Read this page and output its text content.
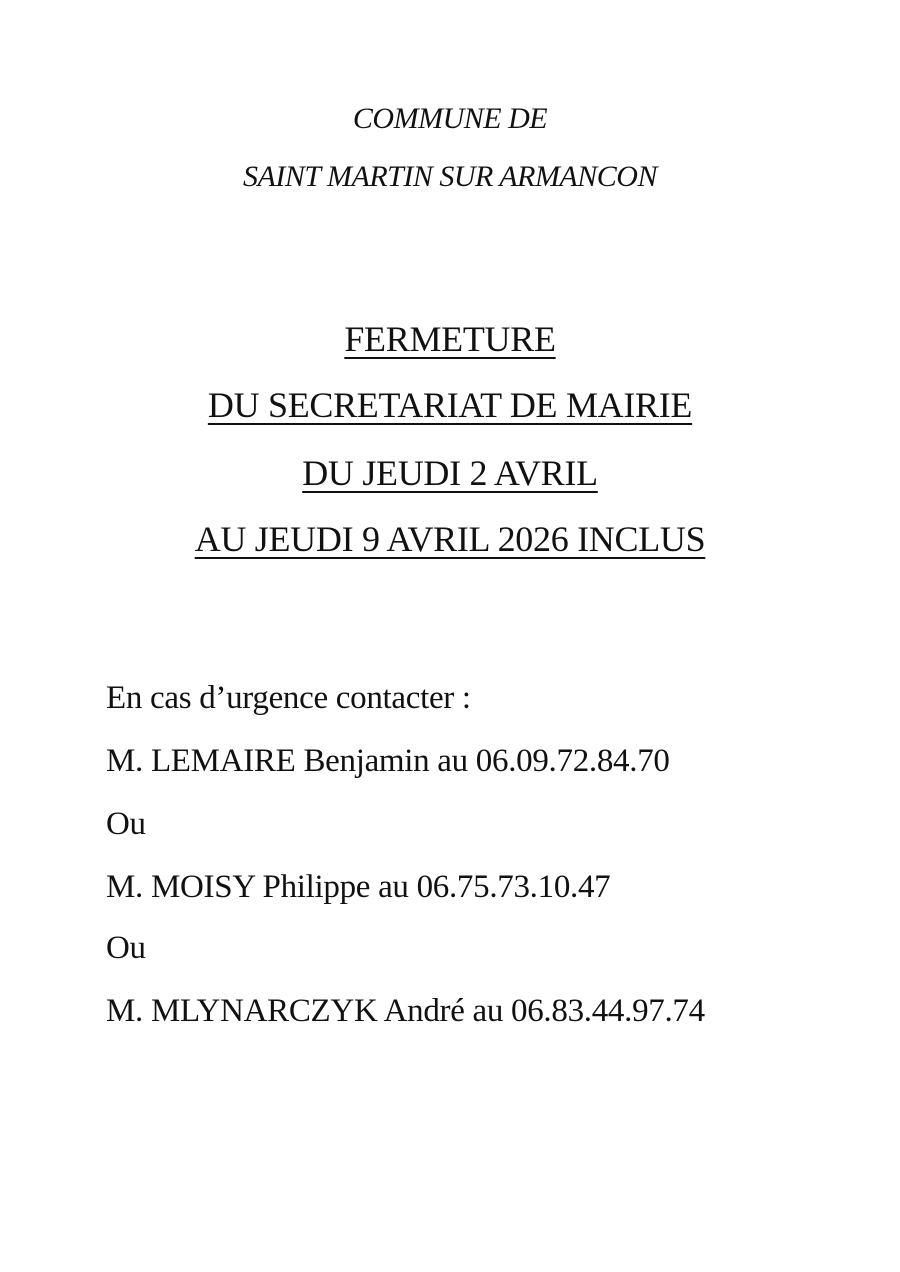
COMMUNE DE
SAINT MARTIN SUR ARMANCON
FERMETURE
DU SECRETARIAT DE MAIRIE
DU JEUDI 2 AVRIL
AU JEUDI 9 AVRIL 2026 INCLUS
En cas d’urgence contacter :
M. LEMAIRE Benjamin au 06.09.72.84.70
Ou
M. MOISY Philippe au 06.75.73.10.47
Ou
M. MLYNARCZYK André au 06.83.44.97.74
